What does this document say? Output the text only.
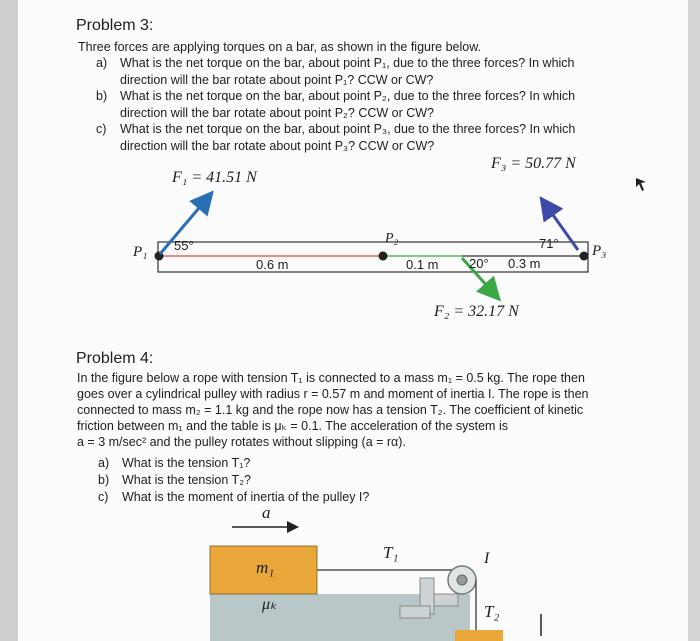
Problem 3:
Three forces are applying torques on a bar, as shown in the figure below.
a) What is the net torque on the bar, about point P₁, due to the three forces? In which direction will the bar rotate about point P₁? CCW or CW?
b) What is the net torque on the bar, about point P₂, due to the three forces? In which direction will the bar rotate about point P₂? CCW or CW?
c) What is the net torque on the bar, about point P₃, due to the three forces? In which direction will the bar rotate about point P₃? CCW or CW?
F₁ = 41.51 N
F₃ = 50.77 N
F₂ = 32.17 N
P₁
P₂
P₃
55°	71°
20°
0.6 m	0.1 m	0.3 m
Problem 4:
In the figure below a rope with tension T₁ is connected to a mass m₁ = 0.5 kg. The rope then
goes over a cylindrical pulley with radius r = 0.57 m and moment of inertia I. The rope is then
connected to mass m₂ = 1.1 kg and the rope now has a tension T₂. The coefficient of kinetic
friction between m₁ and the table is μₖ = 0.1. The acceleration of the system is
a = 3 m/sec² and the pulley rotates without slipping (a = rα).
a) What is the tension T₁?
b) What is the tension T₂?
c) What is the moment of inertia of the pulley I?
a
m₁
μₖ
T₁	I
T₂
